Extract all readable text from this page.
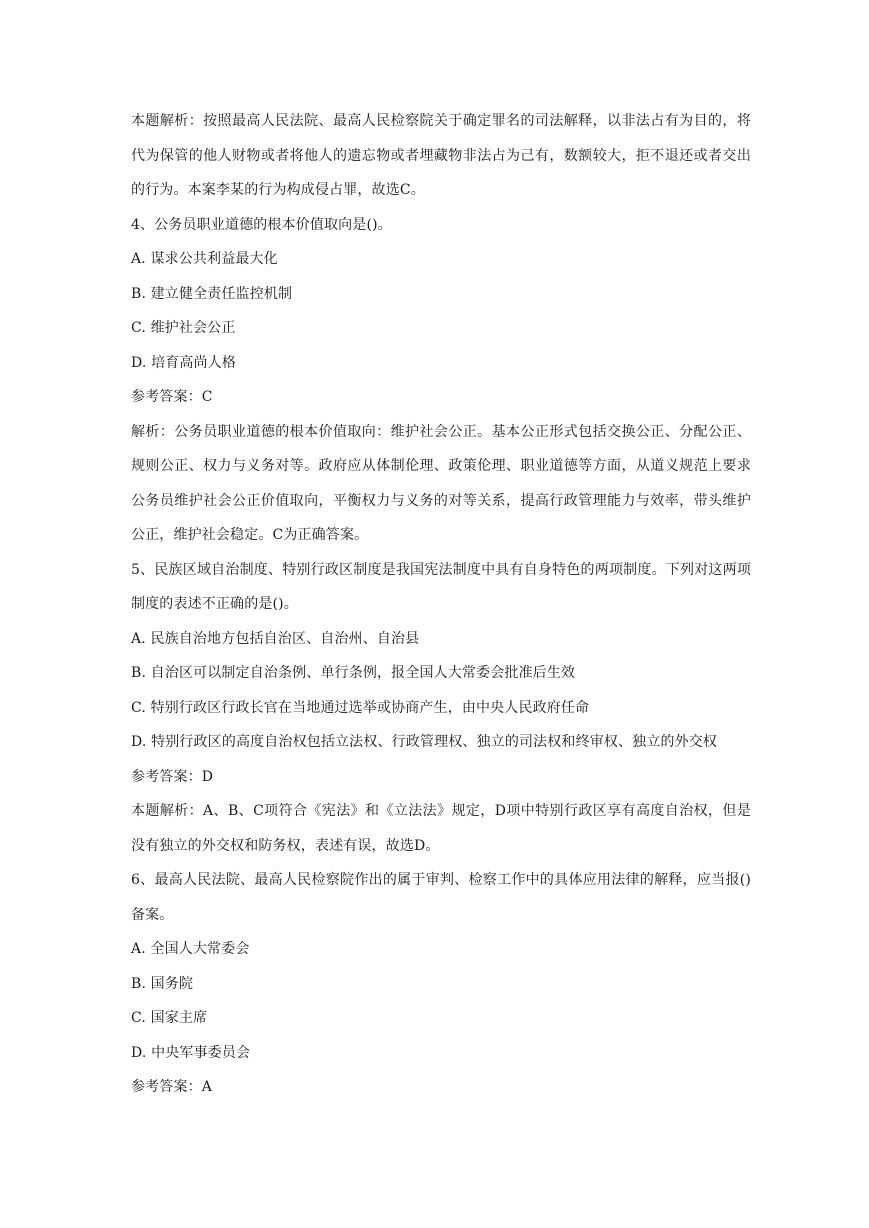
本题解析：按照最高人民法院、最高人民检察院关于确定罪名的司法解释，以非法占有为目的，将代为保管的他人财物或者将他人的遗忘物或者埋藏物非法占为己有，数额较大，拒不退还或者交出的行为。本案李某的行为构成侵占罪，故选C。
4、公务员职业道德的根本价值取向是()。
A. 谋求公共利益最大化
B. 建立健全责任监控机制
C. 维护社会公正
D. 培育高尚人格
参考答案：C
解析：公务员职业道德的根本价值取向：维护社会公正。基本公正形式包括交换公正、分配公正、规则公正、权力与义务对等。政府应从体制伦理、政策伦理、职业道德等方面，从道义规范上要求公务员维护社会公正价值取向，平衡权力与义务的对等关系，提高行政管理能力与效率，带头维护公正，维护社会稳定。C为正确答案。
5、民族区域自治制度、特别行政区制度是我国宪法制度中具有自身特色的两项制度。下列对这两项制度的表述不正确的是()。
A. 民族自治地方包括自治区、自治州、自治县
B. 自治区可以制定自治条例、单行条例，报全国人大常委会批准后生效
C. 特别行政区行政长官在当地通过选举或协商产生，由中央人民政府任命
D. 特别行政区的高度自治权包括立法权、行政管理权、独立的司法权和终审权、独立的外交权
参考答案：D
本题解析：A、B、C项符合《宪法》和《立法法》规定，D项中特别行政区享有高度自治权，但是没有独立的外交权和防务权，表述有误，故选D。
6、最高人民法院、最高人民检察院作出的属于审判、检察工作中的具体应用法律的解释，应当报()备案。
A. 全国人大常委会
B. 国务院
C. 国家主席
D. 中央军事委员会
参考答案：A
